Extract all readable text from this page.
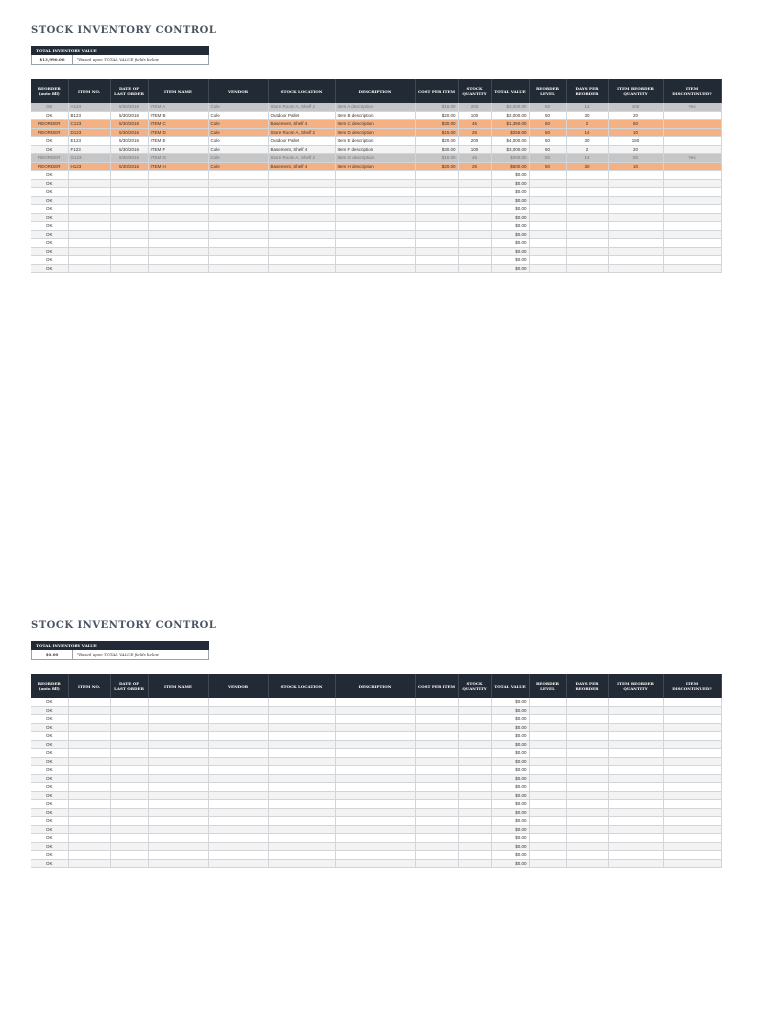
STOCK INVENTORY CONTROL
TOTAL INVENTORY VALUE
$13,990.00	*Based upon TOTAL VALUE fields below
REORDER (auto fill)	ITEM NO.	DATE OF LAST ORDER	ITEM NAME	VENDOR	STOCK LOCATION	DESCRIPTION	COST PER ITEM	STOCK QUANTITY	TOTAL VALUE	REORDER LEVEL	DAYS PER REORDER	ITEM REORDER QUANTITY	ITEM DISCONTINUED?
OK	A123	5/30/2016	ITEM A	Cole	Store Room A, Shelf 2	Item A description	$15.00	200	$3,000.00	50	14	100	Yes
OK	B123	5/30/2016	ITEM B	Cole	Outdoor Pallet	Item B description	$20.00	100	$2,000.00	50	30	20	
REORDER	C123	5/30/2016	ITEM C	Cole	Basement, Shelf 4	Item C description	$30.00	45	$1,350.00	50	2	50	
REORDER	D123	5/30/2016	ITEM D	Cole	Store Room A, Shelf 2	Item D description	$15.00	25	$255.00	50	14	10	
OK	E123	5/30/2016	ITEM E	Cole	Outdoor Pallet	Item E description	$20.00	200	$4,000.00	50	30	150	
OK	F123	5/30/2016	ITEM F	Cole	Basement, Shelf 4	Item F description	$30.00	100	$3,000.00	50	2	20	
REORDER	G123	5/30/2016	ITEM G	Cole	Store Room A, Shelf 2	Item G description	$15.00	45	$400.00	50	14	50	Yes
REORDER	H123	5/30/2016	ITEM H	Cole	Basement, Shelf 4	Item H description	$20.00	25	$500.00	50	30	10	
OK									$0.00				
OK									$0.00				
OK									$0.00				
OK									$0.00				
OK									$0.00				
OK									$0.00				
OK									$0.00				
OK									$0.00				
OK									$0.00				
OK									$0.00				
OK									$0.00				
OK									$0.00				
STOCK INVENTORY CONTROL
TOTAL INVENTORY VALUE
$0.00	*Based upon TOTAL VALUE fields below
REORDER (auto fill)	ITEM NO.	DATE OF LAST ORDER	ITEM NAME	VENDOR	STOCK LOCATION	DESCRIPTION	COST PER ITEM	STOCK QUANTITY	TOTAL VALUE	REORDER LEVEL	DAYS PER REORDER	ITEM REORDER QUANTITY	ITEM DISCONTINUED?
OK									$0.00				
OK									$0.00				
OK									$0.00				
OK									$0.00				
OK									$0.00				
OK									$0.00				
OK									$0.00				
OK									$0.00				
OK									$0.00				
OK									$0.00				
OK									$0.00				
OK									$0.00				
OK									$0.00				
OK									$0.00				
OK									$0.00				
OK									$0.00				
OK									$0.00				
OK									$0.00				
OK									$0.00				
OK									$0.00				
